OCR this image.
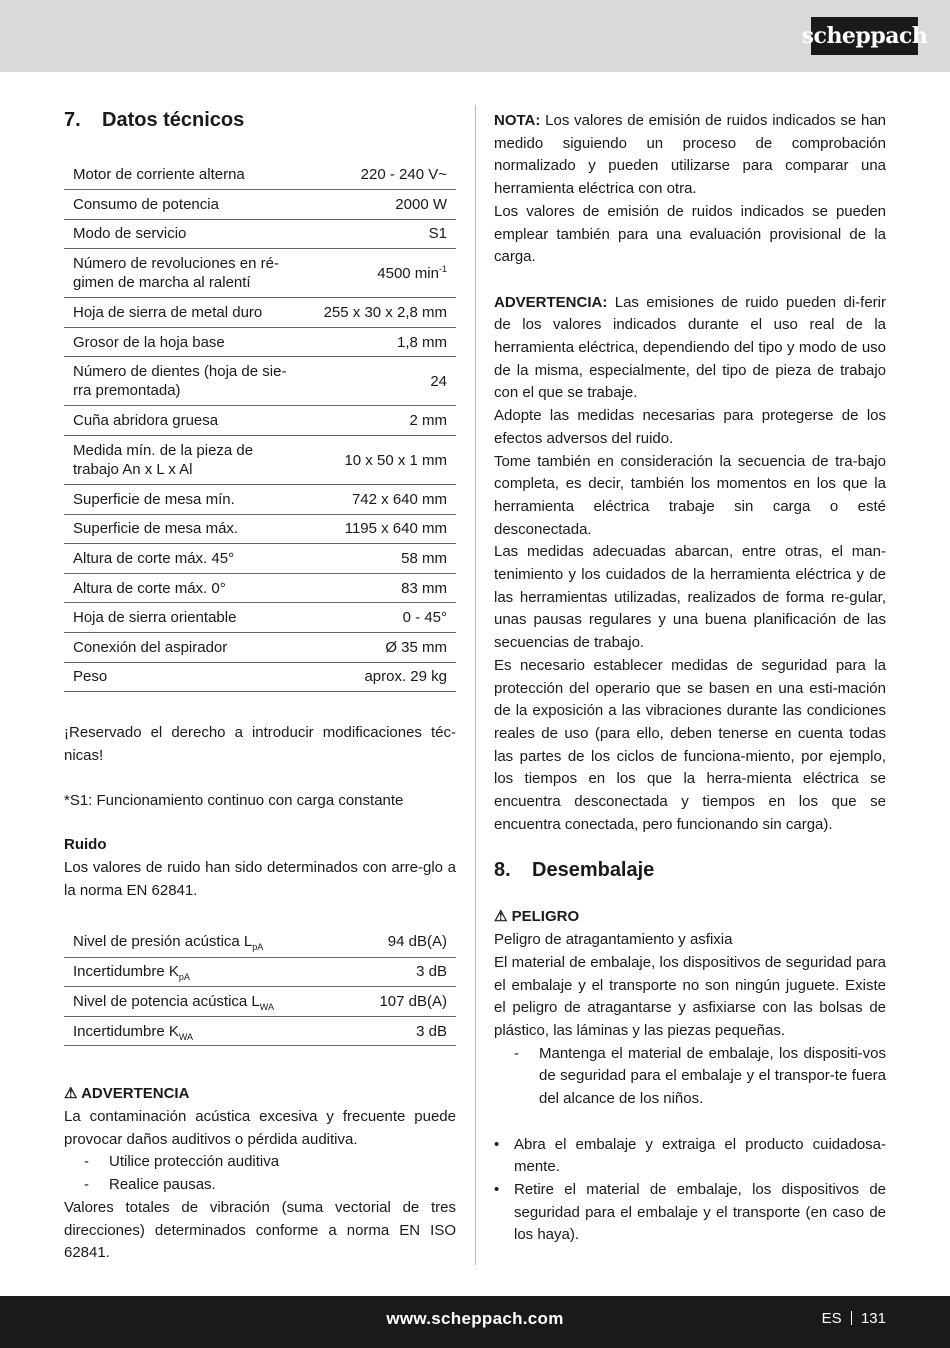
scheppach
7.	Datos técnicos
Motor de corriente alterna	220 - 240 V~
Consumo de potencia	2000 W
Modo de servicio	S1
Número de revoluciones en ré-
gimen de marcha al ralentí	4500 $\min^{-1}$
Hoja de sierra de metal duro	255 x 30 x 2,8 mm
Grosor de la hoja base	1,8 mm
Número de dientes (hoja de sie-
rra premontada)	24
Cuña abridora gruesa	2 mm
Medida mín. de la pieza de
trabajo An x L x Al	10 x 50 x 1 mm
Superficie de mesa mín.	742 x 640 mm
Superficie de mesa máx.	1195 x 640 mm
Altura de corte máx. 45°	58 mm
Altura de corte máx. 0°	83 mm
Hoja de sierra orientable	0 - 45°
Conexión del aspirador	Ø 35 mm
Peso	aprox. 29 kg
¡Reservado el derecho a introducir modificaciones téc-nicas!
*S1: Funcionamiento continuo con carga constante
Ruido
Los valores de ruido han sido determinados con arre-glo a la norma EN 62841.
Nivel de presión acústica $L_{pA}$	94 dB(A)
Incertidumbre $K_{pA}$	3 dB
Nivel de potencia acústica $L_{WA}$	107 dB(A)
Incertidumbre $K_{WA}$	3 dB
⚠ ADVERTENCIA
La contaminación acústica excesiva y frecuente puede provocar daños auditivos o pérdida auditiva.
-	Utilice protección auditiva
-	Realice pausas.
Valores totales de vibración (suma vectorial de tres direcciones) determinados conforme a norma EN ISO 62841.
NOTA: Los valores de emisión de ruidos indicados se han medido siguiendo un proceso de comprobación normalizado y pueden utilizarse para comparar una herramienta eléctrica con otra.
Los valores de emisión de ruidos indicados se pueden emplear también para una evaluación provisional de la carga.
ADVERTENCIA: Las emisiones de ruido pueden di-ferir de los valores indicados durante el uso real de la herramienta eléctrica, dependiendo del tipo y modo de uso de la misma, especialmente, del tipo de pieza de trabajo con el que se trabaje.
Adopte las medidas necesarias para protegerse de los efectos adversos del ruido.
Tome también en consideración la secuencia de tra-bajo completa, es decir, también los momentos en los que la herramienta eléctrica trabaje sin carga o esté desconectada.
Las medidas adecuadas abarcan, entre otras, el man-tenimiento y los cuidados de la herramienta eléctrica y de las herramientas utilizadas, realizados de forma re-gular, unas pausas regulares y una buena planificación de las secuencias de trabajo.
Es necesario establecer medidas de seguridad para la protección del operario que se basen en una esti-mación de la exposición a las vibraciones durante las condiciones reales de uso (para ello, deben tenerse en cuenta todas las partes de los ciclos de funciona-miento, por ejemplo, los tiempos en los que la herra-mienta eléctrica se encuentra desconectada y tiempos en los que se encuentra conectada, pero funcionando sin carga).
8.	Desembalaje
⚠ PELIGRO
Peligro de atragantamiento y asfixia
El material de embalaje, los dispositivos de seguridad para el embalaje y el transporte no son ningún juguete. Existe el peligro de atragantarse y asfixiarse con las bolsas de plástico, las láminas y las piezas pequeñas.
-	Mantenga el material de embalaje, los dispositi-vos de seguridad para el embalaje y el transpor-te fuera del alcance de los niños.
• Abra el embalaje y extraiga el producto cuidadosa-mente.
• Retire el material de embalaje, los dispositivos de seguridad para el embalaje y el transporte (en caso de los haya).
www.scheppach.com	ES 131
